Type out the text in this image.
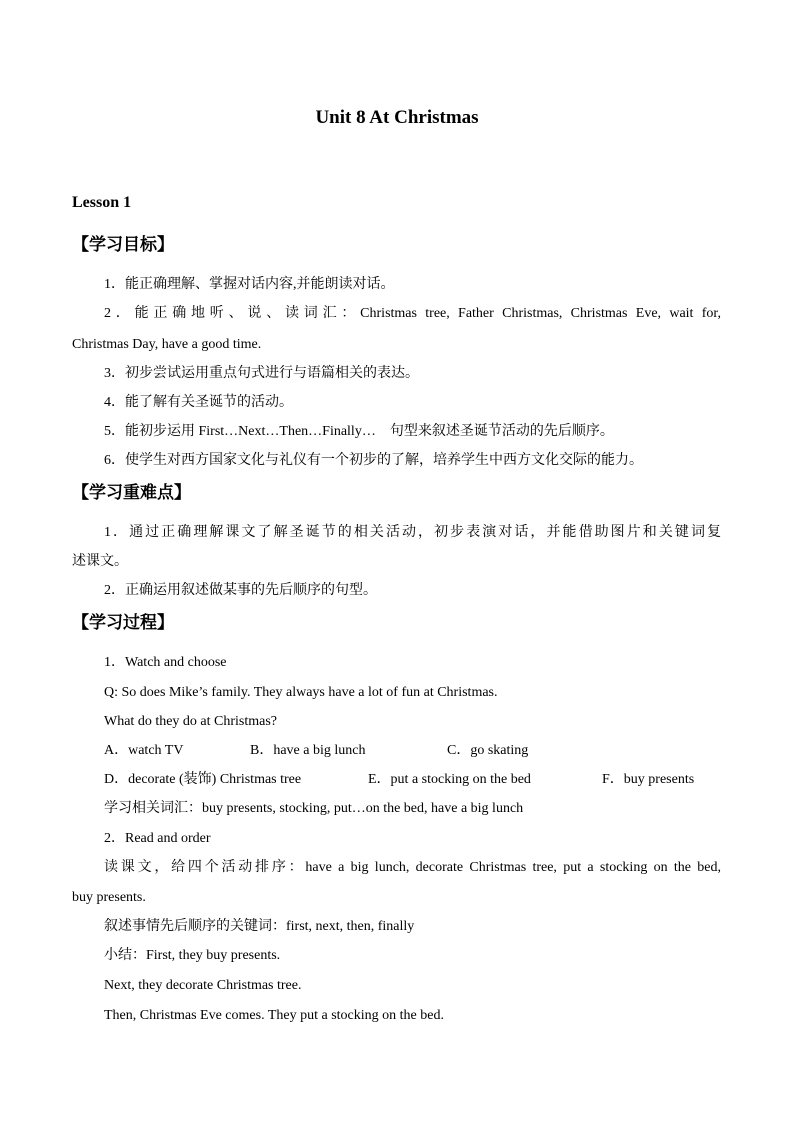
Unit 8 At Christmas
Lesson 1
【学习目标】
1．能正确理解、掌握对话内容,并能朗读对话。
2．能正确地听、说、读词汇：Christmas tree, Father Christmas, Christmas Eve, wait for,
Christmas Day, have a good time.
3．初步尝试运用重点句式进行与语篇相关的表达。
4．能了解有关圣诞节的活动。
5．能初步运用 First…Next…Then…Finally…　句型来叙述圣诞节活动的先后顺序。
6．使学生对西方国家文化与礼仪有一个初步的了解，培养学生中西方文化交际的能力。
【学习重难点】
1．通过正确理解课文了解圣诞节的相关活动，初步表演对话，并能借助图片和关键词复
述课文。
2．正确运用叙述做某事的先后顺序的句型。
【学习过程】
1．Watch and choose
Q: So does Mike’s family. They always have a lot of fun at Christmas.
What do they do at Christmas?
A．watch TV	B．have a big lunch	C．go skating
D．decorate (装饰) Christmas tree	E．put a stocking on the bed	F．buy presents
学习相关词汇：buy presents, stocking, put…on the bed, have a big lunch
2．Read and order
读课文，给四个活动排序：have a big lunch, decorate Christmas tree, put a stocking on the bed,
buy presents.
叙述事情先后顺序的关键词：first, next, then, finally
小结：First, they buy presents.
Next, they decorate Christmas tree.
Then, Christmas Eve comes. They put a stocking on the bed.
